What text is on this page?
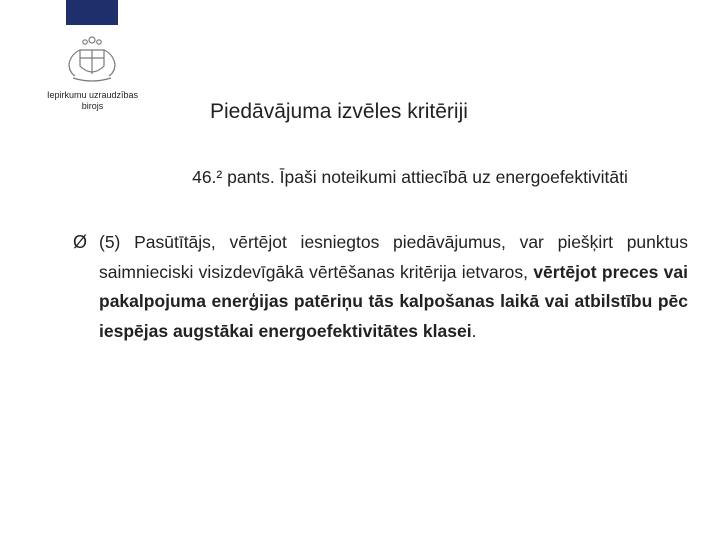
Iepirkumu uzraudzības
birojs	Piedāvājuma izvēles kritēriji
46.² pants. Īpaši noteikumi attiecībā uz energoefektivitāti
Ø (5) Pasūtītājs, vērtējot iesniegtos piedāvājumus, var piešķirt punktus saimnieciski visizdevīgākā vērtēšanas kritērija ietvaros, vērtējot preces vai pakalpojuma enerģijas patēriņu tās kalpošanas laikā vai atbilstību pēc iespējas augstākai energoefektivitātes klasei.
